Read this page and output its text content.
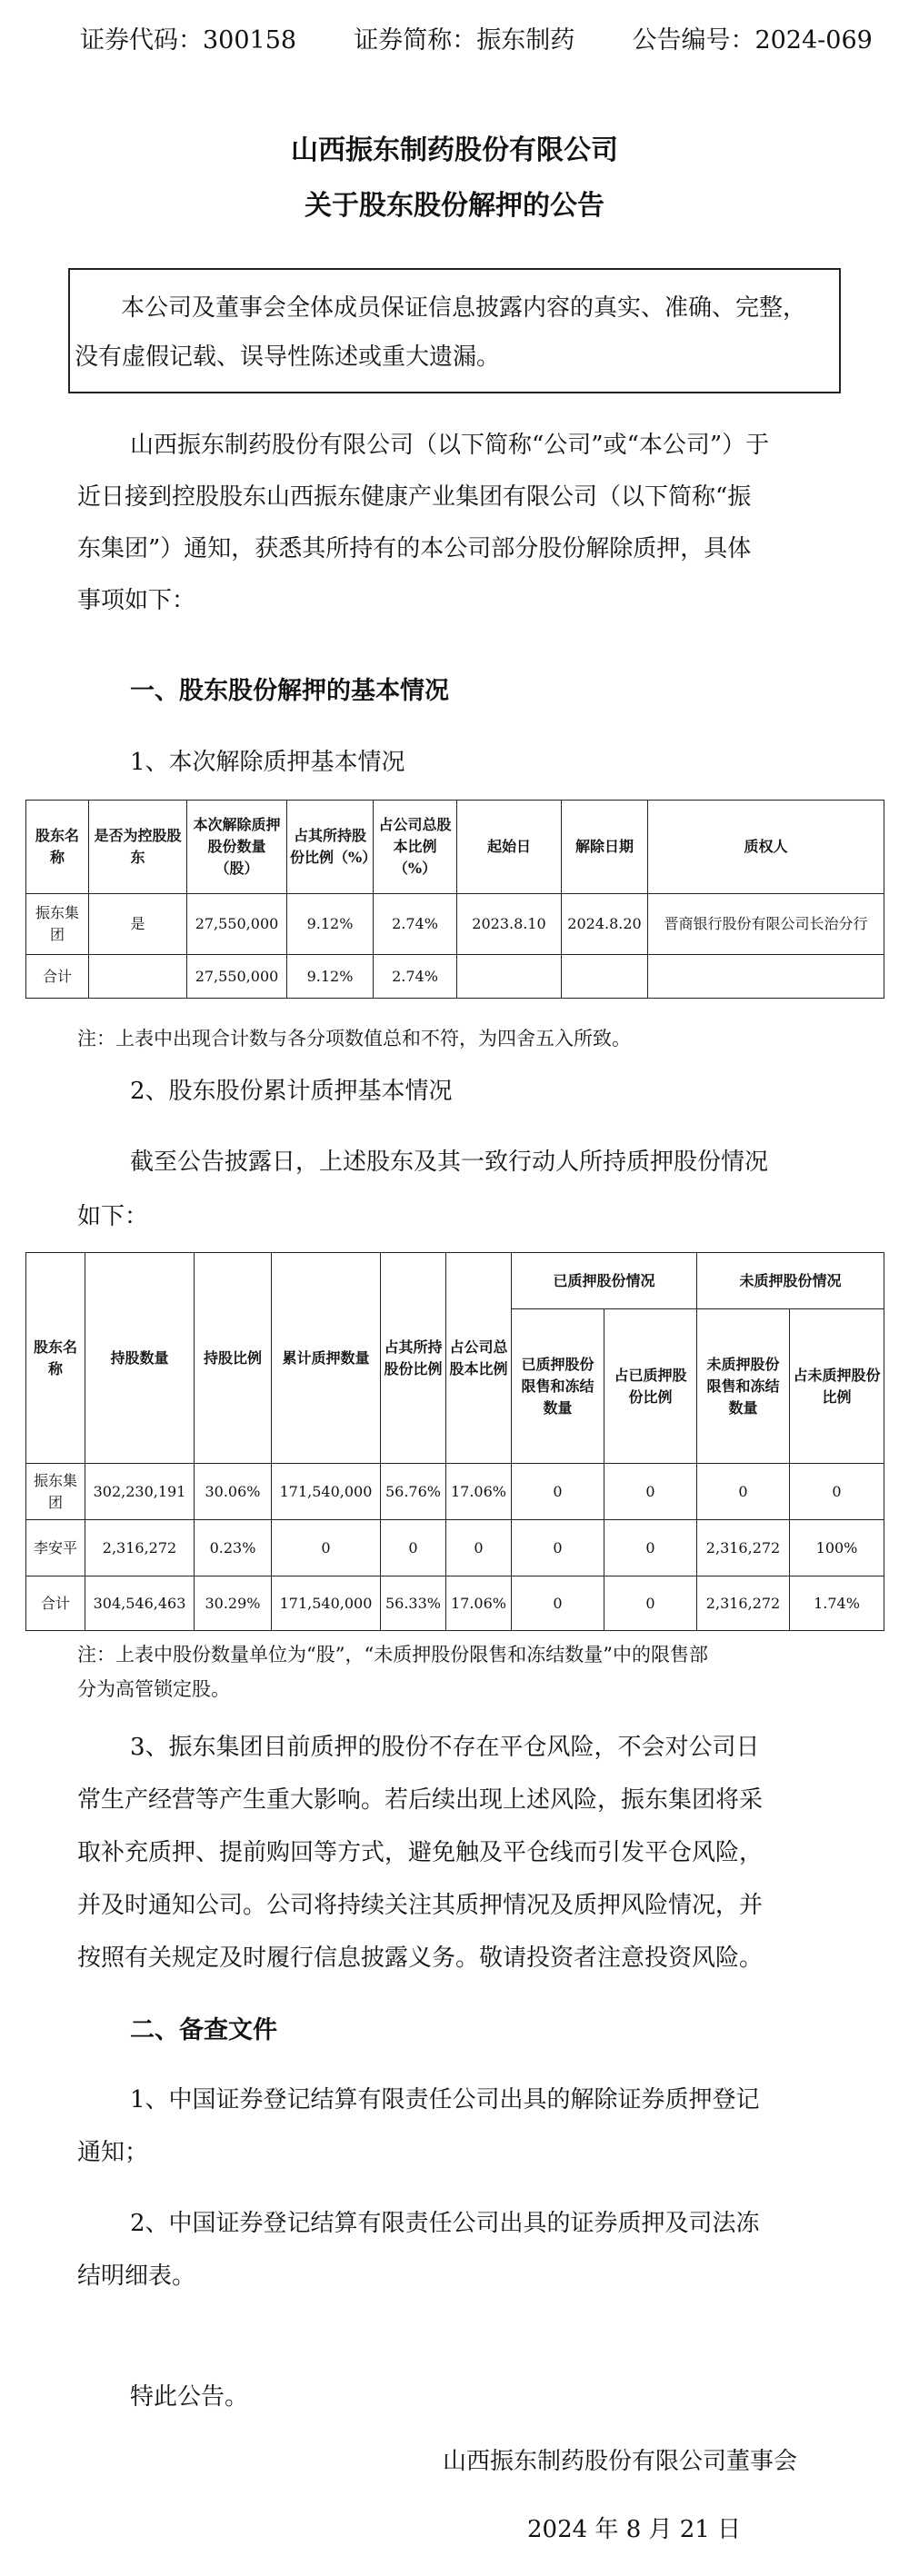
证券代码：300158 证券简称：振东制药 公告编号：2024-069
山西振东制药股份有限公司
关于股东股份解押的公告
本公司及董事会全体成员保证信息披露内容的真实、准确、完整，
没有虚假记载、误导性陈述或重大遗漏。
山西振东制药股份有限公司（以下简称“公司”或“本公司”）于
近日接到控股股东山西振东健康产业集团有限公司（以下简称“振
东集团”）通知，获悉其所持有的本公司部分股份解除质押，具体
事项如下：
一、股东股份解押的基本情况
1、本次解除质押基本情况
股东名称	是否为控股股东	本次解除质押股份数量（股）	占其所持股份比例（%）	占公司总股本比例（%）	起始日	解除日期	质权人
振东集团	是	27,550,000	9.12%	2.74%	2023.8.10	2024.8.20	晋商银行股份有限公司长治分行
合计		27,550,000	9.12%	2.74%			
注：上表中出现合计数与各分项数值总和不符，为四舍五入所致。
2、股东股份累计质押基本情况
截至公告披露日，上述股东及其一致行动人所持质押股份情况
如下：
股东名称	持股数量	持股比例	累计质押数量	占其所持股份比例	占公司总股本比例	已质押股份情况		未质押股份情况	
						已质押股份限售和冻结数量	占已质押股份比例	未质押股份限售和冻结数量	占未质押股份比例
振东集团	302,230,191	30.06%	171,540,000	56.76%	17.06%	0	0	0	0
李安平	2,316,272	0.23%	0	0	0	0	0	2,316,272	100%
合计	304,546,463	30.29%	171,540,000	56.33%	17.06%	0	0	2,316,272	1.74%
注：上表中股份数量单位为“股”，“未质押股份限售和冻结数量”中的限售部
分为高管锁定股。
3、振东集团目前质押的股份不存在平仓风险，不会对公司日
常生产经营等产生重大影响。若后续出现上述风险，振东集团将采
取补充质押、提前购回等方式，避免触及平仓线而引发平仓风险，
并及时通知公司。公司将持续关注其质押情况及质押风险情况，并
按照有关规定及时履行信息披露义务。敬请投资者注意投资风险。
二、备查文件
1、中国证券登记结算有限责任公司出具的解除证券质押登记
通知；
2、中国证券登记结算有限责任公司出具的证券质押及司法冻
结明细表。
特此公告。
山西振东制药股份有限公司董事会
2024 年 8 月 21 日
